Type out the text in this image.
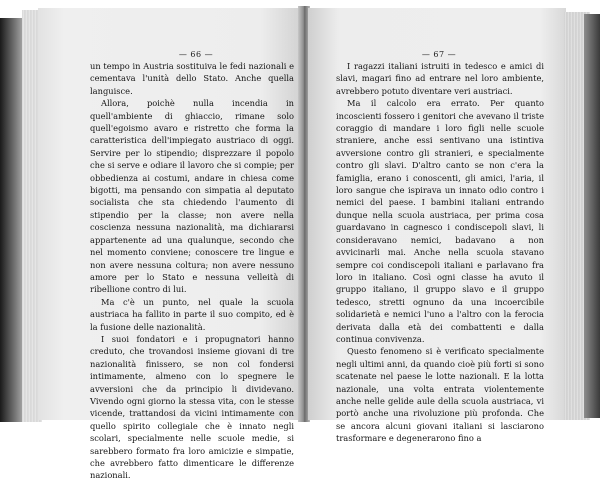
— 66 —

un tempo in Austria sostituiva le fedi nazionali e cementava l'unità dello Stato. Anche quella languisce.

Allora, poichè nulla incendia in quell'ambiente di ghiaccio, rimane solo quell'egoismo avaro e ristretto che forma la caratteristica dell'impiegato austriaco di oggi. Servire per lo stipendio; disprezzare il popolo che si serve e odiare il lavoro che si compie; per obbedienza ai costumi, andare in chiesa come bigotti, ma pensando con simpatia al deputato socialista che sta chiedendo l'aumento di stipendio per la classe; non avere nella coscienza nessuna nazionalità, ma dichiararsi appartenente ad una qualunque, secondo che nel momento conviene; conoscere tre lingue e non avere nessuna coltura; non avere nessuno amore per lo Stato e nessuna velleità di ribellione contro di lui.

Ma c'è un punto, nel quale la scuola austriaca ha fallito in parte il suo compito, ed è la fusione delle nazionalità.

I suoi fondatori e i propugnatori hanno creduto, che trovandosi insieme giovani di tre nazionalità finissero, se non col fondersi intimamente, almeno con lo spegnere le avversioni che da principio li dividevano. Vivendo ogni giorno la stessa vita, con le stesse vicende, trattandosi da vicini intimamente con quello spirito collegiale che è innato negli scolari, specialmente nelle scuole medie, si sarebbero formato fra loro amicizie e simpatie, che avrebbero fatto dimenticare le differenze nazionali.

— 67 —

I ragazzi italiani istruiti in tedesco e amici di slavi, magari fino ad entrare nel loro ambiente, avrebbero potuto diventare veri austriaci.

Ma il calcolo era errato. Per quanto incoscienti fossero i genitori che avevano il triste coraggio di mandare i loro figli nelle scuole straniere, anche essi sentivano una istintiva avversione contro gli stranieri, e specialmente contro gli slavi. D'altro canto se non c'era la famiglia, erano i conoscenti, gli amici, l'aria, il loro sangue che ispirava un innato odio contro i nemici del paese. I bambini italiani entrando dunque nella scuola austriaca, per prima cosa guardavano in cagnesco i condiscepoli slavi, li consideravano nemici, badavano a non avvicinarli mai. Anche nella scuola stavano sempre coi condiscepoli italiani e parlavano fra loro in italiano. Così ogni classe ha avuto il gruppo italiano, il gruppo slavo e il gruppo tedesco, stretti ognuno da una incoercibile solidarietà e nemici l'uno a l'altro con la ferocia derivata dalla età dei combattenti e dalla continua convivenza.

Questo fenomeno si è verificato specialmente negli ultimi anni, da quando cioè più forti si sono scatenate nel paese le lotte nazionali. E la lotta nazionale, una volta entrata violentemente anche nelle gelide aule della scuola austriaca, vi portò anche una rivoluzione più profonda. Che se ancora alcuni giovani italiani si lasciarono trasformare e degenerarono fino a
